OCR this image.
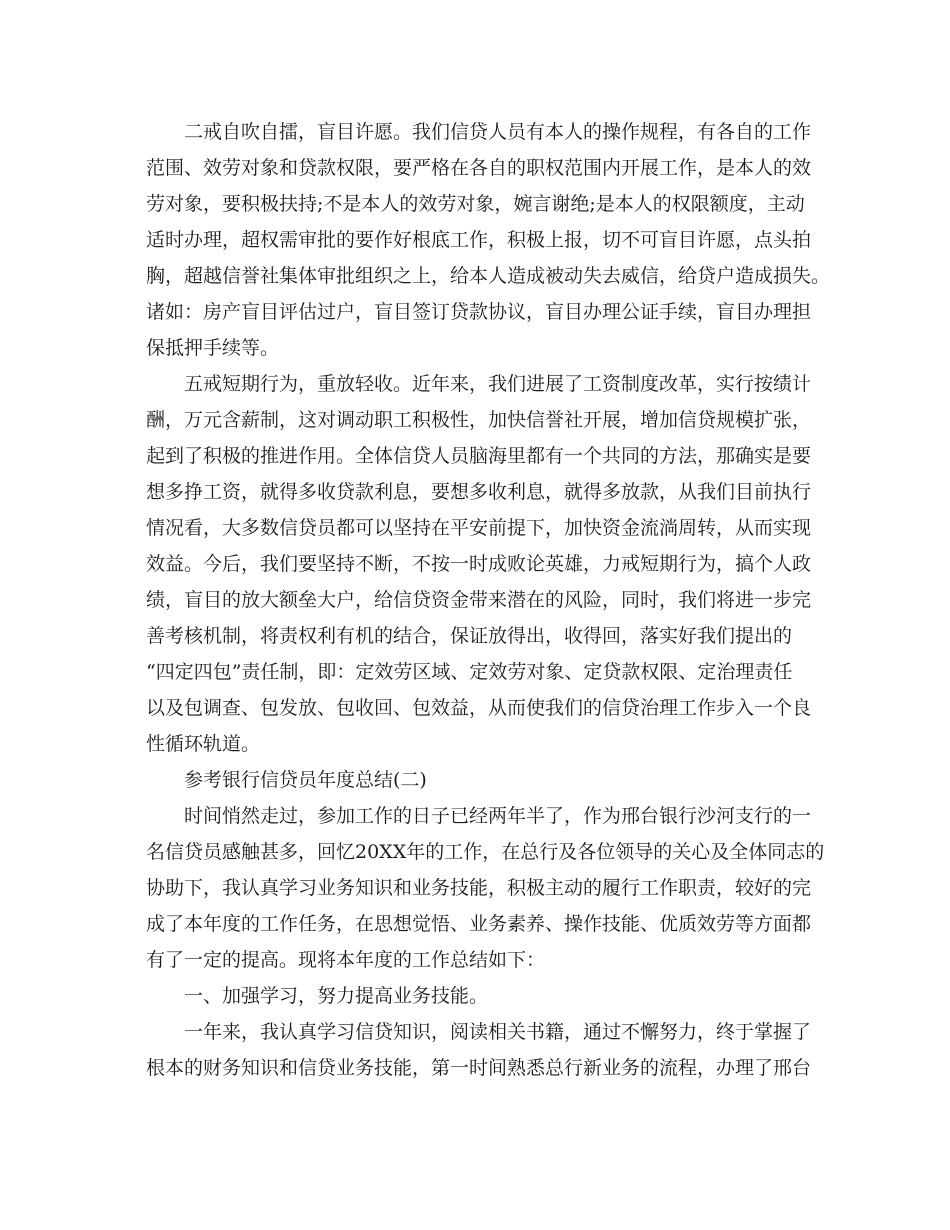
二戒自吹自擂，盲目许愿。我们信贷人员有本人的操作规程，有各自的工作
范围、效劳对象和贷款权限，要严格在各自的职权范围内开展工作，是本人的效
劳对象，要积极扶持;不是本人的效劳对象，婉言谢绝;是本人的权限额度，主动
适时办理，超权需审批的要作好根底工作，积极上报，切不可盲目许愿，点头拍
胸，超越信誉社集体审批组织之上，给本人造成被动失去威信，给贷户造成损失。
诸如：房产盲目评估过户，盲目签订贷款协议，盲目办理公证手续，盲目办理担
保抵押手续等。
五戒短期行为，重放轻收。近年来，我们进展了工资制度改革，实行按绩计
酬，万元含薪制，这对调动职工积极性，加快信誉社开展，增加信贷规模扩张，
起到了积极的推进作用。全体信贷人员脑海里都有一个共同的方法，那确实是要
想多挣工资，就得多收贷款利息，要想多收利息，就得多放款，从我们目前执行
情况看，大多数信贷员都可以坚持在平安前提下，加快资金流淌周转，从而实现
效益。今后，我们要坚持不断，不按一时成败论英雄，力戒短期行为，搞个人政
绩，盲目的放大额垒大户，给信贷资金带来潜在的风险，同时，我们将进一步完
善考核机制，将责权利有机的结合，保证放得出，收得回，落实好我们提出的
“四定四包”责任制，即：定效劳区域、定效劳对象、定贷款权限、定治理责任
以及包调查、包发放、包收回、包效益，从而使我们的信贷治理工作步入一个良
性循环轨道。
参考银行信贷员年度总结(二)
时间悄然走过，参加工作的日子已经两年半了，作为邢台银行沙河支行的一
名信贷员感触甚多，回忆20XX年的工作，在总行及各位领导的关心及全体同志的
协助下，我认真学习业务知识和业务技能，积极主动的履行工作职责，较好的完
成了本年度的工作任务，在思想觉悟、业务素养、操作技能、优质效劳等方面都
有了一定的提高。现将本年度的工作总结如下：
一、加强学习，努力提高业务技能。
一年来，我认真学习信贷知识，阅读相关书籍，通过不懈努力，终于掌握了
根本的财务知识和信贷业务技能，第一时间熟悉总行新业务的流程，办理了邢台
